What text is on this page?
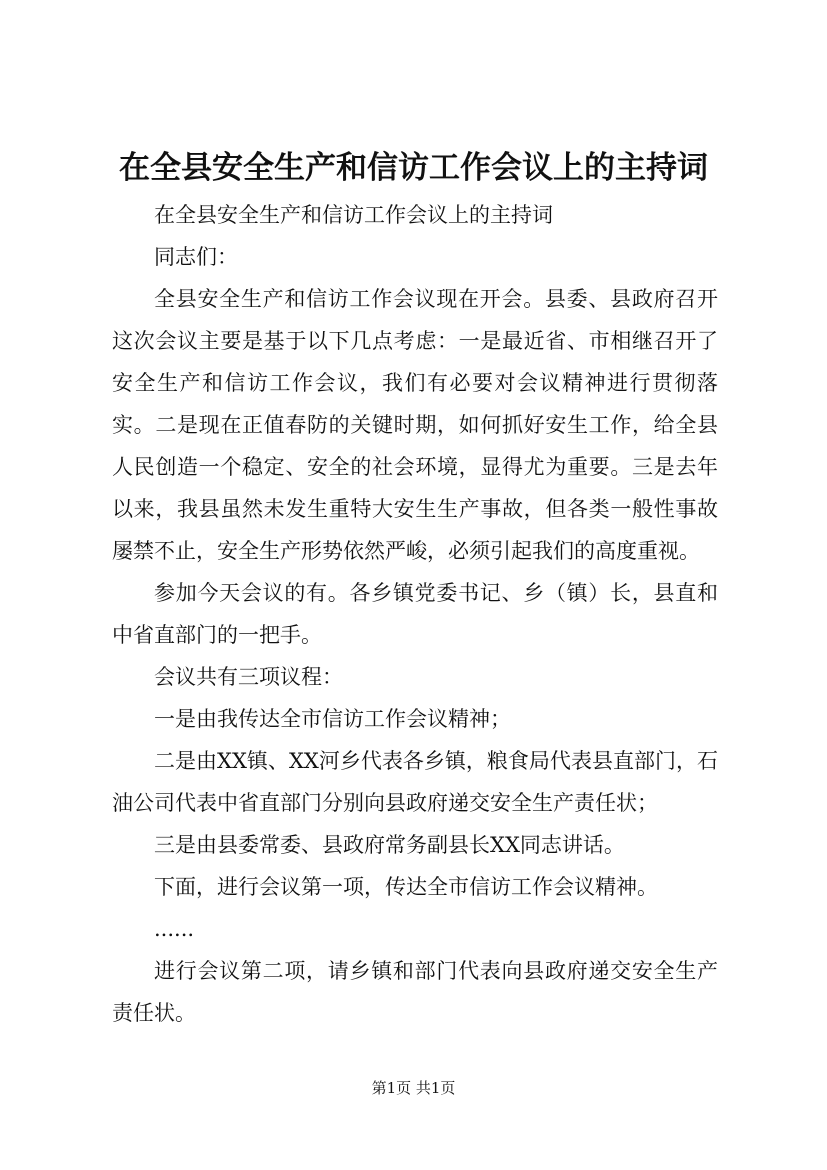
在全县安全生产和信访工作会议上的主持词

在全县安全生产和信访工作会议上的主持词

同志们：

全县安全生产和信访工作会议现在开会。县委、县政府召开这次会议主要是基于以下几点考虑：一是最近省、市相继召开了安全生产和信访工作会议，我们有必要对会议精神进行贯彻落实。二是现在正值春防的关键时期，如何抓好安生工作，给全县人民创造一个稳定、安全的社会环境，显得尤为重要。三是去年以来，我县虽然未发生重特大安生生产事故，但各类一般性事故屡禁不止，安全生产形势依然严峻，必须引起我们的高度重视。

参加今天会议的有。各乡镇党委书记、乡（镇）长，县直和中省直部门的一把手。

会议共有三项议程：

一是由我传达全市信访工作会议精神；

二是由XX镇、XX河乡代表各乡镇，粮食局代表县直部门，石油公司代表中省直部门分别向县政府递交安全生产责任状；

三是由县委常委、县政府常务副县长XX同志讲话。

下面，进行会议第一项，传达全市信访工作会议精神。

......

进行会议第二项，请乡镇和部门代表向县政府递交安全生产责任状。

第1页 共1页
